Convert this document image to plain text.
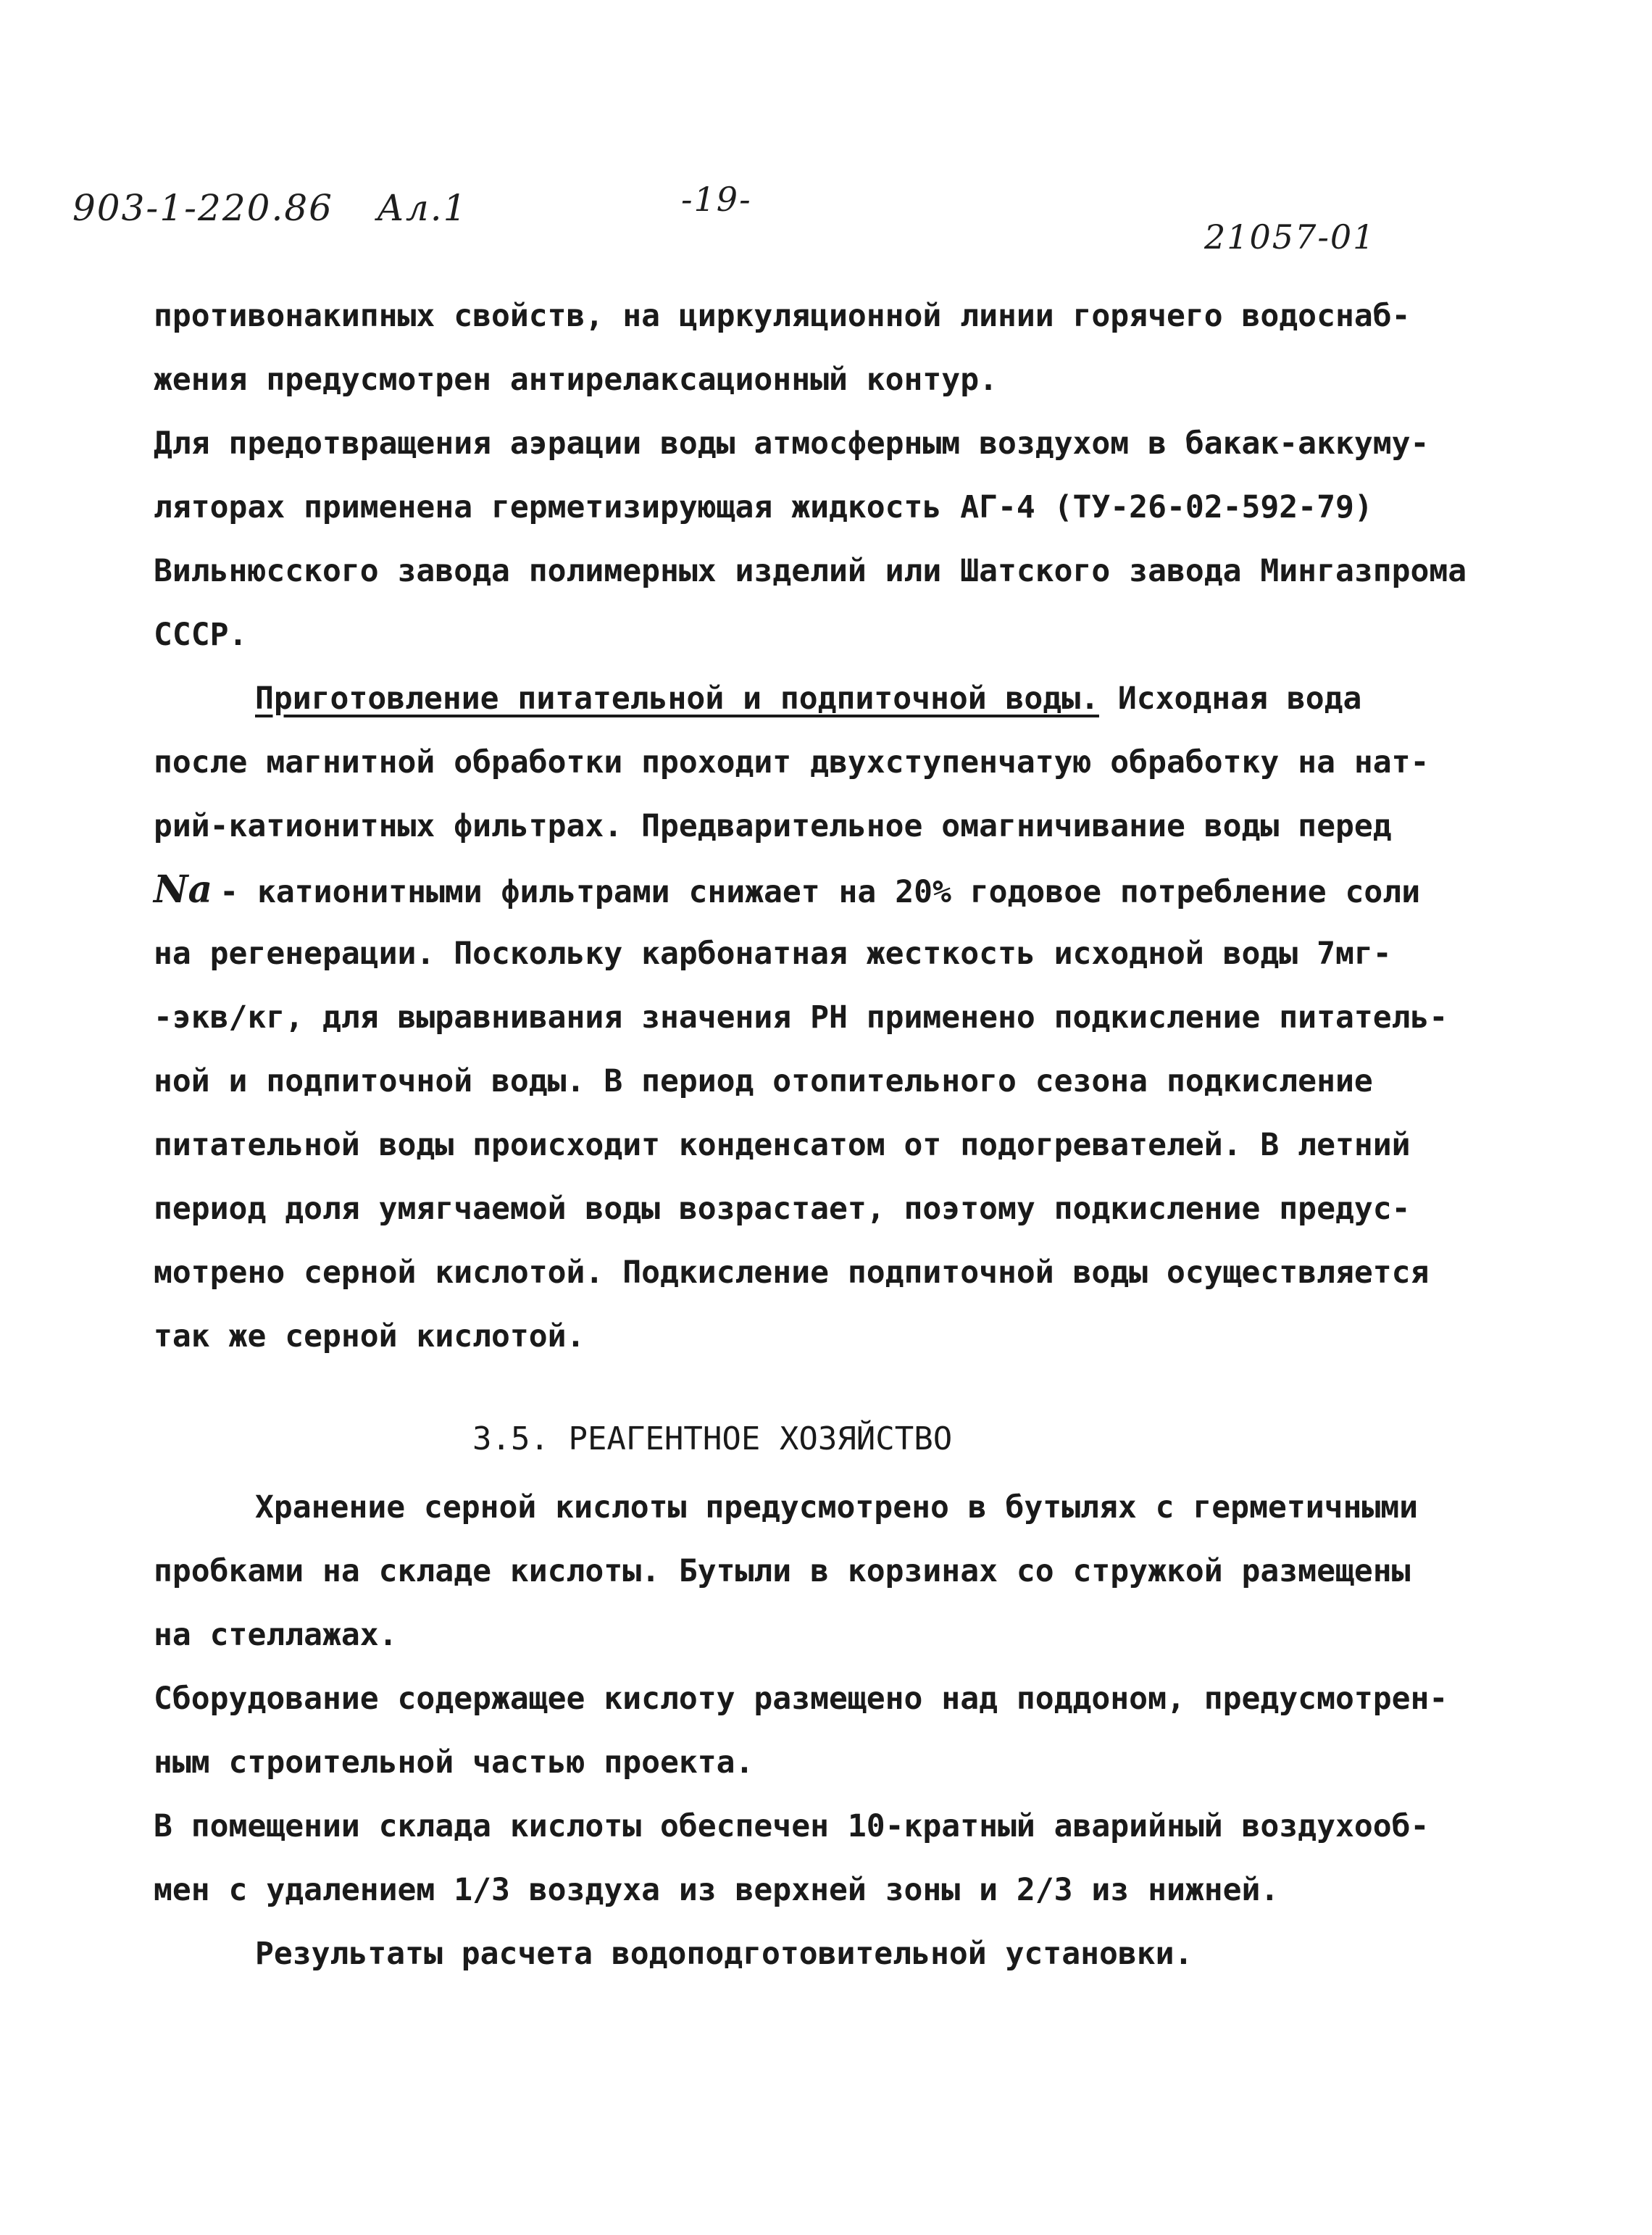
903-1-220.86 Ал.1	-19-
21057-01
противонакипных свойств, на циркуляционной линии горячего водоснаб-
жения предусмотрен антирелаксационный контур.
Для предотвращения аэрации воды атмосферным воздухом в бакак-аккуму-
ляторах применена герметизирующая жидкость АГ-4 (ТУ-26-02-592-79)
Вильнюсского завода полимерных изделий или Шатского завода Мингазпрома
СССР.
Приготовление питательной и подпиточной воды. Исходная вода
после магнитной обработки проходит двухступенчатую обработку на нат-
рий-катионитных фильтрах. Предварительное омагничивание воды перед
Na - катионитными фильтрами снижает на 20% годовое потребление соли
на регенерации. Поскольку карбонатная жесткость исходной воды 7мг-
-экв/кг, для выравнивания значения РН применено подкисление питатель-
ной и подпиточной воды. В период отопительного сезона подкисление
питательной воды происходит конденсатом от подогревателей. В летний
период доля умягчаемой воды возрастает, поэтому подкисление предус-
мотрено серной кислотой. Подкисление подпиточной воды осуществляется
так же серной кислотой.
3.5. РЕАГЕНТНОЕ ХОЗЯЙСТВО
Хранение серной кислоты предусмотрено в бутылях с герметичными
пробками на складе кислоты. Бутыли в корзинах со стружкой размещены
на стеллажах.
Сборудование содержащее кислоту размещено над поддоном, предусмотрен-
ным строительной частью проекта.
В помещении склада кислоты обеспечен 10-кратный аварийный воздухооб-
мен с удалением 1/3 воздуха из верхней зоны и 2/3 из нижней.
Результаты расчета водоподготовительной установки.
